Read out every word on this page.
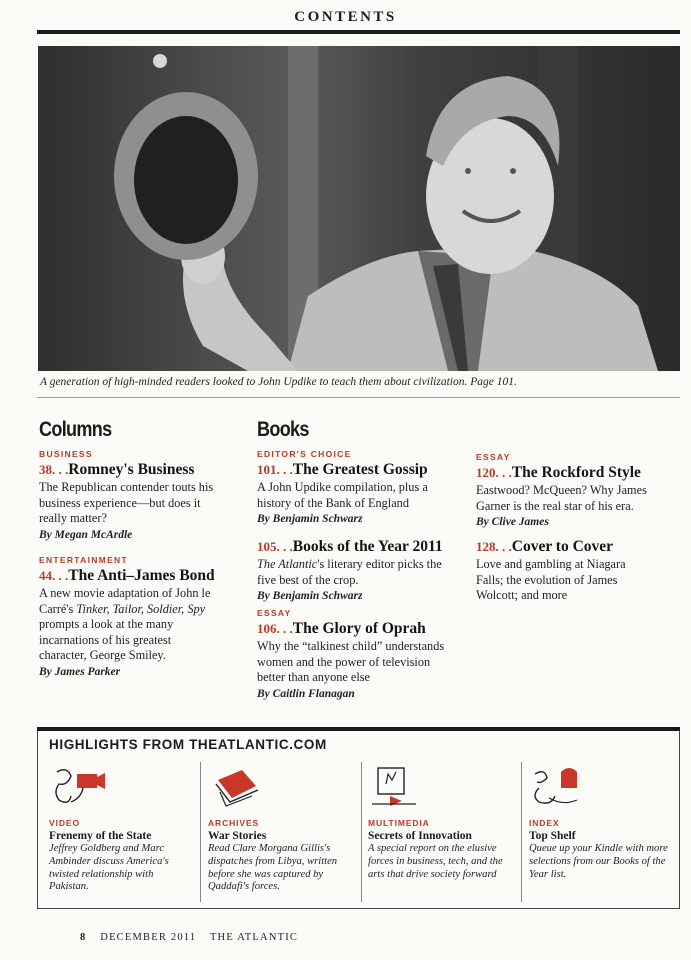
CONTENTS
A generation of high-minded readers looked to John Updike to teach them about civilization. Page 101.
Columns
BUSINESS
38. . .Romney's Business
The Republican contender touts his business experience—but does it really matter?
By Megan McArdle
ENTERTAINMENT
44. . .The Anti–James Bond
A new movie adaptation of John le Carré's Tinker, Tailor, Soldier, Spy prompts a look at the many incarnations of his greatest character, George Smiley.
By James Parker
Books
EDITOR'S CHOICE
101. . .The Greatest Gossip
A John Updike compilation, plus a history of the Bank of England
By Benjamin Schwarz
105. . .Books of the Year 2011
The Atlantic's literary editor picks the five best of the crop.
By Benjamin Schwarz
ESSAY
106. . .The Glory of Oprah
Why the “talkinest child” understands women and the power of television better than anyone else
By Caitlin Flanagan
ESSAY
120. . .The Rockford Style
Eastwood? McQueen? Why James Garner is the real star of his era.
By Clive James
128. . .Cover to Cover
Love and gambling at Niagara Falls; the evolution of James Wolcott; and more
HIGHLIGHTS FROM THEATLANTIC.COM
VIDEO
Frenemy of the State
Jeffrey Goldberg and Marc Ambinder discuss America's twisted relationship with Pakistan.
ARCHIVES
War Stories
Read Clare Morgana Gillis's dispatches from Libya, written before she was captured by Qaddafi's forces.
MULTIMEDIA
Secrets of Innovation
A special report on the elusive forces in business, tech, and the arts that drive society forward
INDEX
Top Shelf
Queue up your Kindle with more selections from our Books of the Year list.
8 DECEMBER 2011 THE ATLANTIC
